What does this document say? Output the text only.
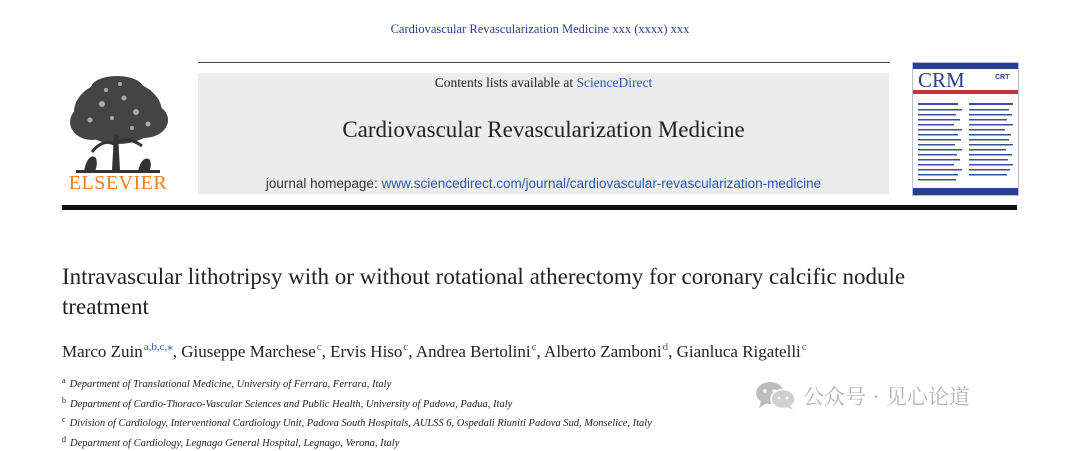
Cardiovascular Revascularization Medicine xxx (xxxx) xxx
ELSEVIER
Contents lists available at ScienceDirect
Cardiovascular Revascularization Medicine
journal homepage: www.sciencedirect.com/journal/cardiovascular-revascularization-medicine
CRM	CRT
Intravascular lithotripsy with or without rotational atherectomy for coronary calcific nodule treatment
Marco Zuin$^{a,b,c,⁎}$, Giuseppe Marchese$^c$, Ervis Hiso$^c$, Andrea Bertolini$^c$, Alberto Zamboni$^d$, Gianluca Rigatelli$^c$
$^a$ Department of Translational Medicine, University of Ferrara, Ferrara, Italy
$^b$ Department of Cardio-Thoraco-Vascular Sciences and Public Health, University of Padova, Padua, Italy
$^c$ Division of Cardiology, Interventional Cardiology Unit, Padova South Hospitals, AULSS 6, Ospedali Riuniti Padova Sud, Monselice, Italy
$^d$ Department of Cardiology, Legnago General Hospital, Legnago, Verona, Italy
公众号 · 见心论道
